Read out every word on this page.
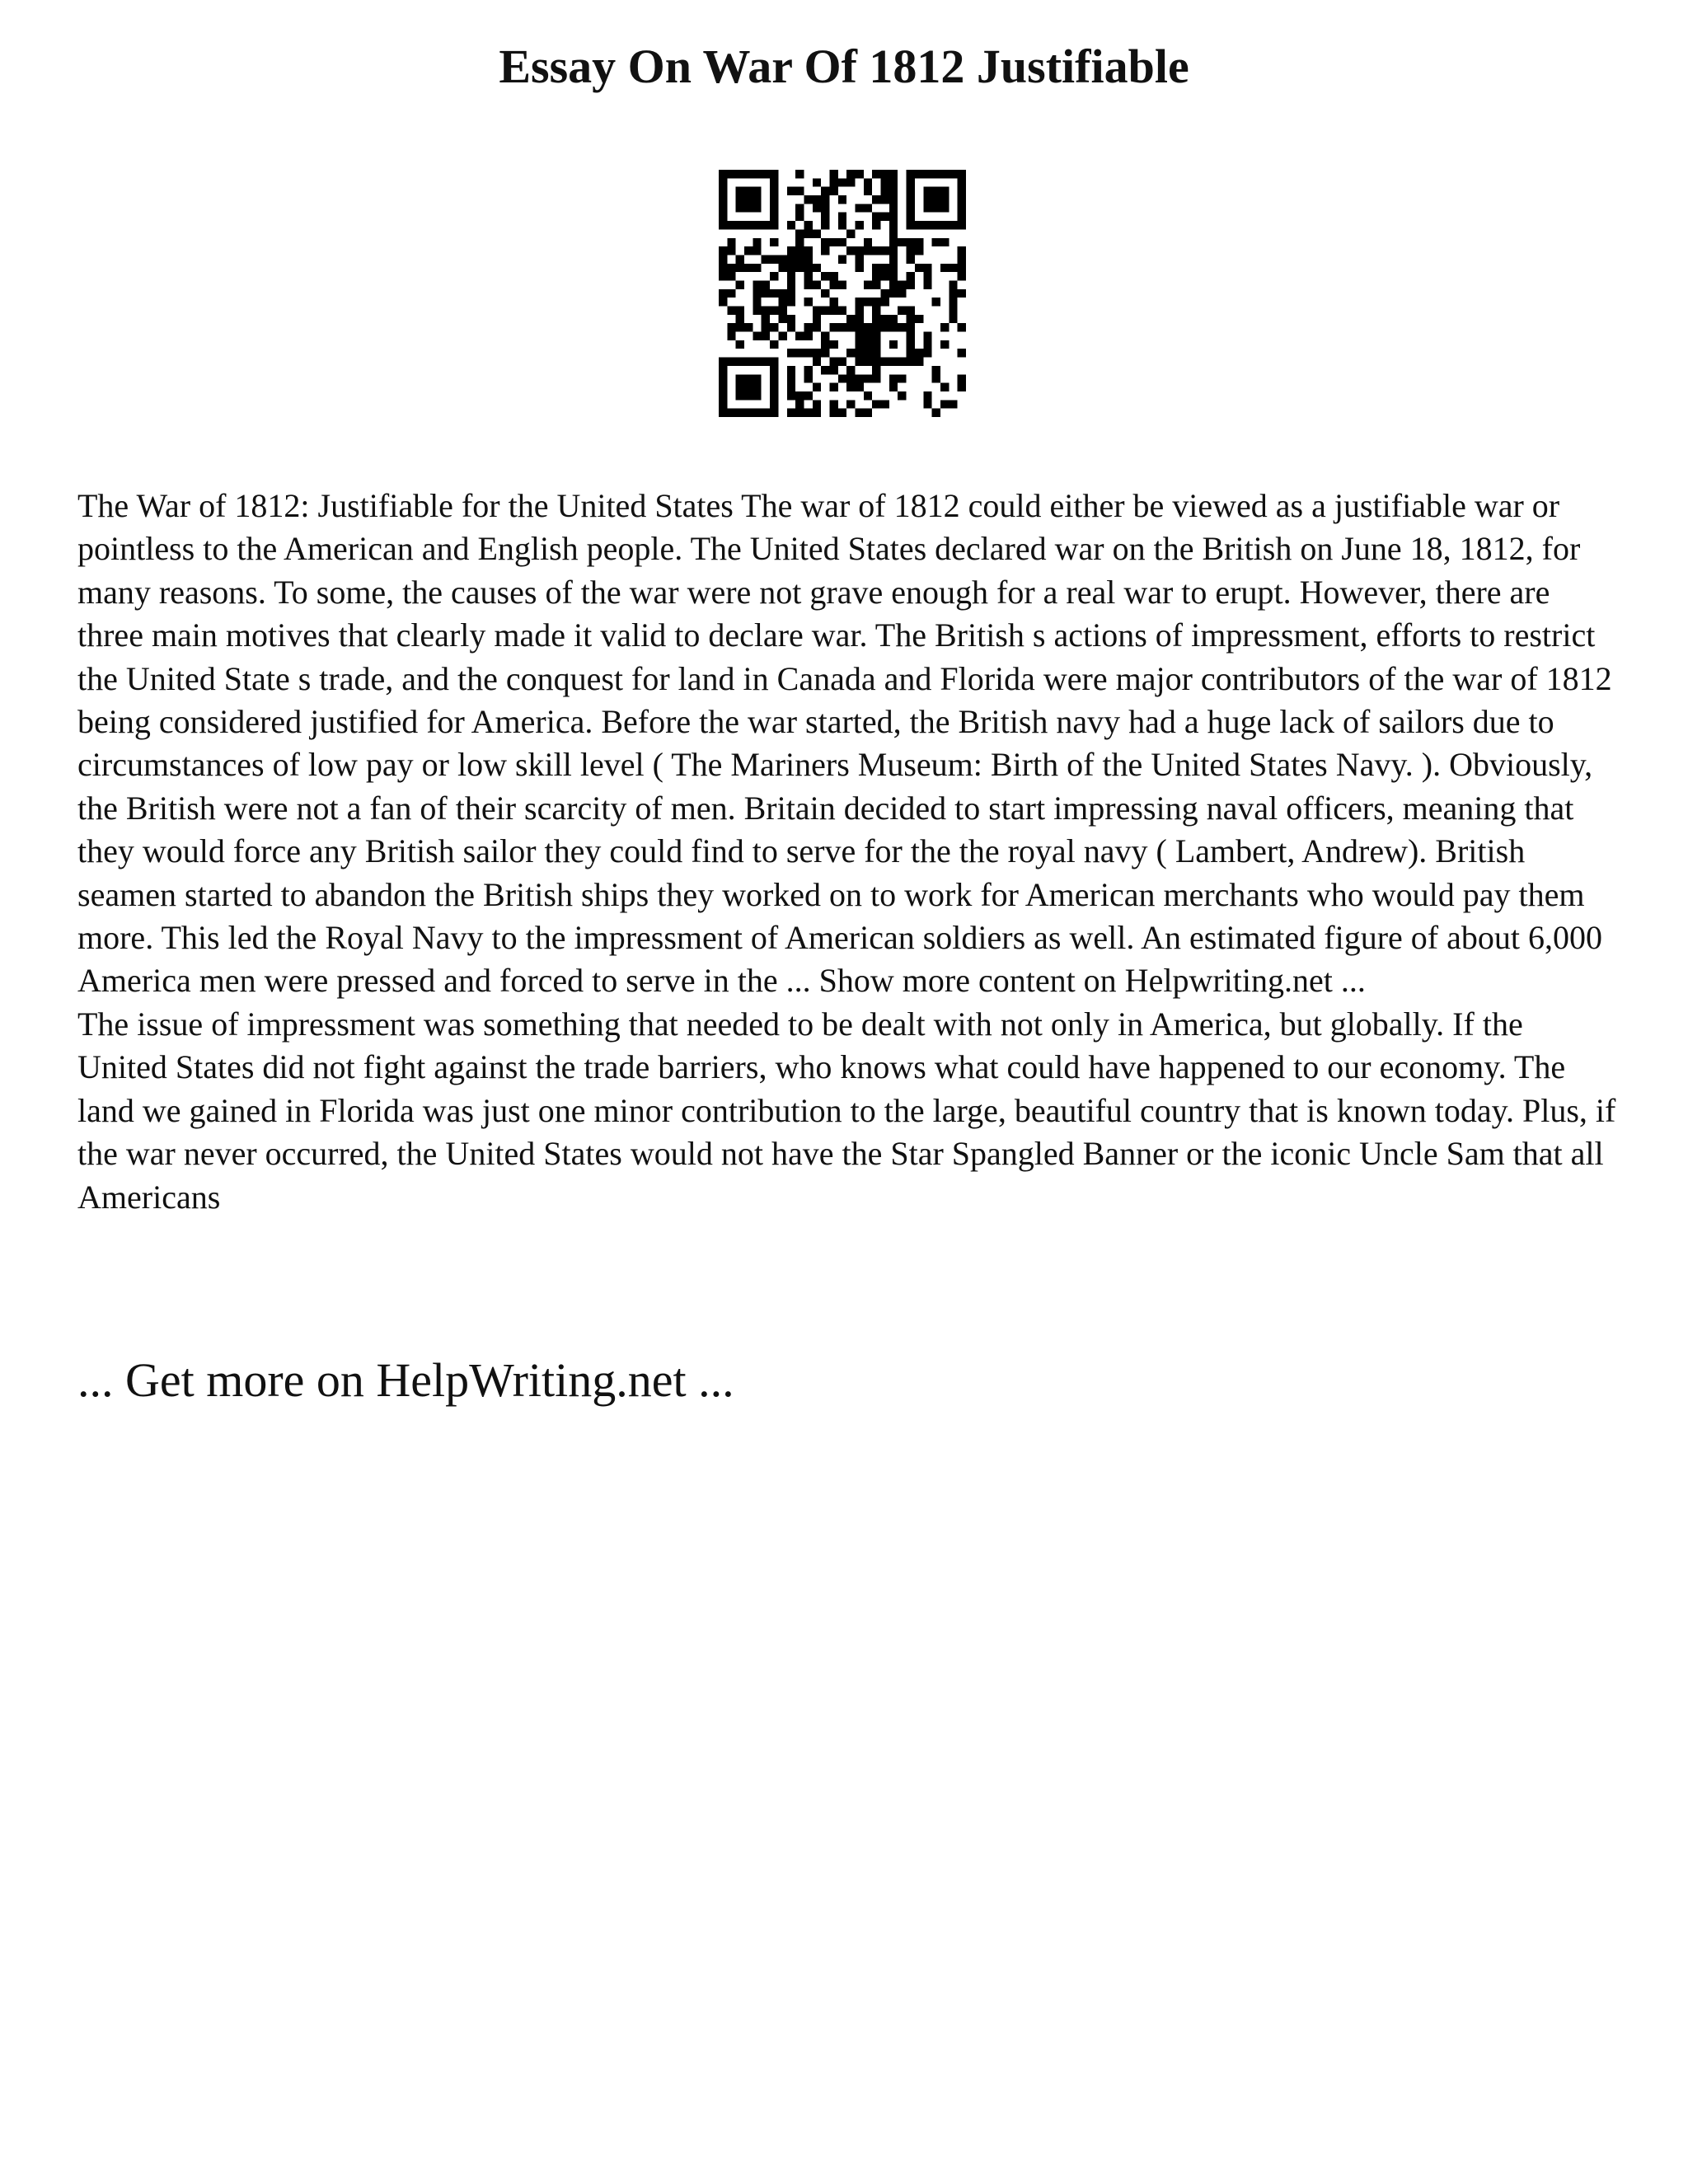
Essay On War Of 1812 Justifiable

The War of 1812: Justifiable for the United States The war of 1812 could either be viewed as a justifiable war or pointless to the American and English people. The United States declared war on the British on June 18, 1812, for many reasons. To some, the causes of the war were not grave enough for a real war to erupt. However, there are three main motives that clearly made it valid to declare war. The British s actions of impressment, efforts to restrict the United State s trade, and the conquest for land in Canada and Florida were major contributors of the war of 1812 being considered justified for America. Before the war started, the British navy had a huge lack of sailors due to circumstances of low pay or low skill level ( The Mariners Museum: Birth of the United States Navy. ). Obviously, the British were not a fan of their scarcity of men. Britain decided to start impressing naval officers, meaning that they would force any British sailor they could find to serve for the the royal navy ( Lambert, Andrew). British seamen started to abandon the British ships they worked on to work for American merchants who would pay them more. This led the Royal Navy to the impressment of American soldiers as well. An estimated figure of about 6,000 America men were pressed and forced to serve in the ... Show more content on Helpwriting.net ...

The issue of impressment was something that needed to be dealt with not only in America, but globally. If the United States did not fight against the trade barriers, who knows what could have happened to our economy. The land we gained in Florida was just one minor contribution to the large, beautiful country that is known today. Plus, if the war never occurred, the United States would not have the Star Spangled Banner or the iconic Uncle Sam that all Americans

... Get more on HelpWriting.net ...
